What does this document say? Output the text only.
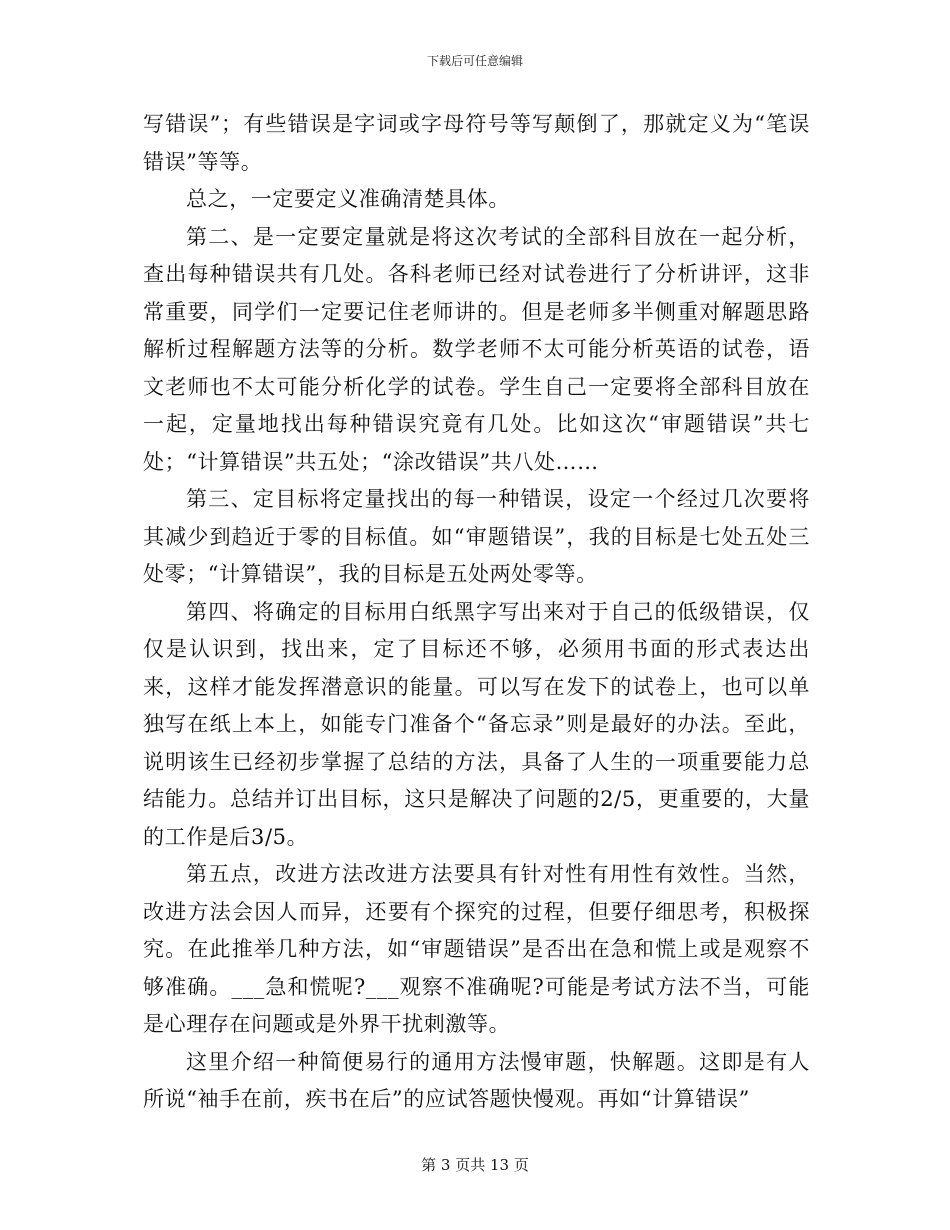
下载后可任意编辑

写错误”；有些错误是字词或字母符号等写颠倒了，那就定义为“笔误错误”等等。

总之，一定要定义准确清楚具体。

第二、是一定要定量就是将这次考试的全部科目放在一起分析，查出每种错误共有几处。各科老师已经对试卷进行了分析讲评，这非常重要，同学们一定要记住老师讲的。但是老师多半侧重对解题思路解析过程解题方法等的分析。数学老师不太可能分析英语的试卷，语文老师也不太可能分析化学的试卷。学生自己一定要将全部科目放在一起，定量地找出每种错误究竟有几处。比如这次“审题错误”共七处；“计算错误”共五处；“涂改错误”共八处……

第三、定目标将定量找出的每一种错误，设定一个经过几次要将其减少到趋近于零的目标值。如“审题错误”，我的目标是七处五处三处零；“计算错误”，我的目标是五处两处零等。

第四、将确定的目标用白纸黑字写出来对于自己的低级错误，仅仅是认识到，找出来，定了目标还不够，必须用书面的形式表达出来，这样才能发挥潜意识的能量。可以写在发下的试卷上，也可以单独写在纸上本上，如能专门准备个“备忘录”则是最好的办法。至此，说明该生已经初步掌握了总结的方法，具备了人生的一项重要能力总结能力。总结并订出目标，这只是解决了问题的2/5，更重要的，大量的工作是后3/5。

第五点，改进方法改进方法要具有针对性有用性有效性。当然，改进方法会因人而异，还要有个探究的过程，但要仔细思考，积极探究。在此推举几种方法，如“审题错误”是否出在急和慌上或是观察不够准确。___急和慌呢?___观察不准确呢?可能是考试方法不当，可能是心理存在问题或是外界干扰刺激等。

这里介绍一种简便易行的通用方法慢审题，快解题。这即是有人所说“袖手在前，疾书在后”的应试答题快慢观。再如“计算错误”

第 3 页共 13 页
